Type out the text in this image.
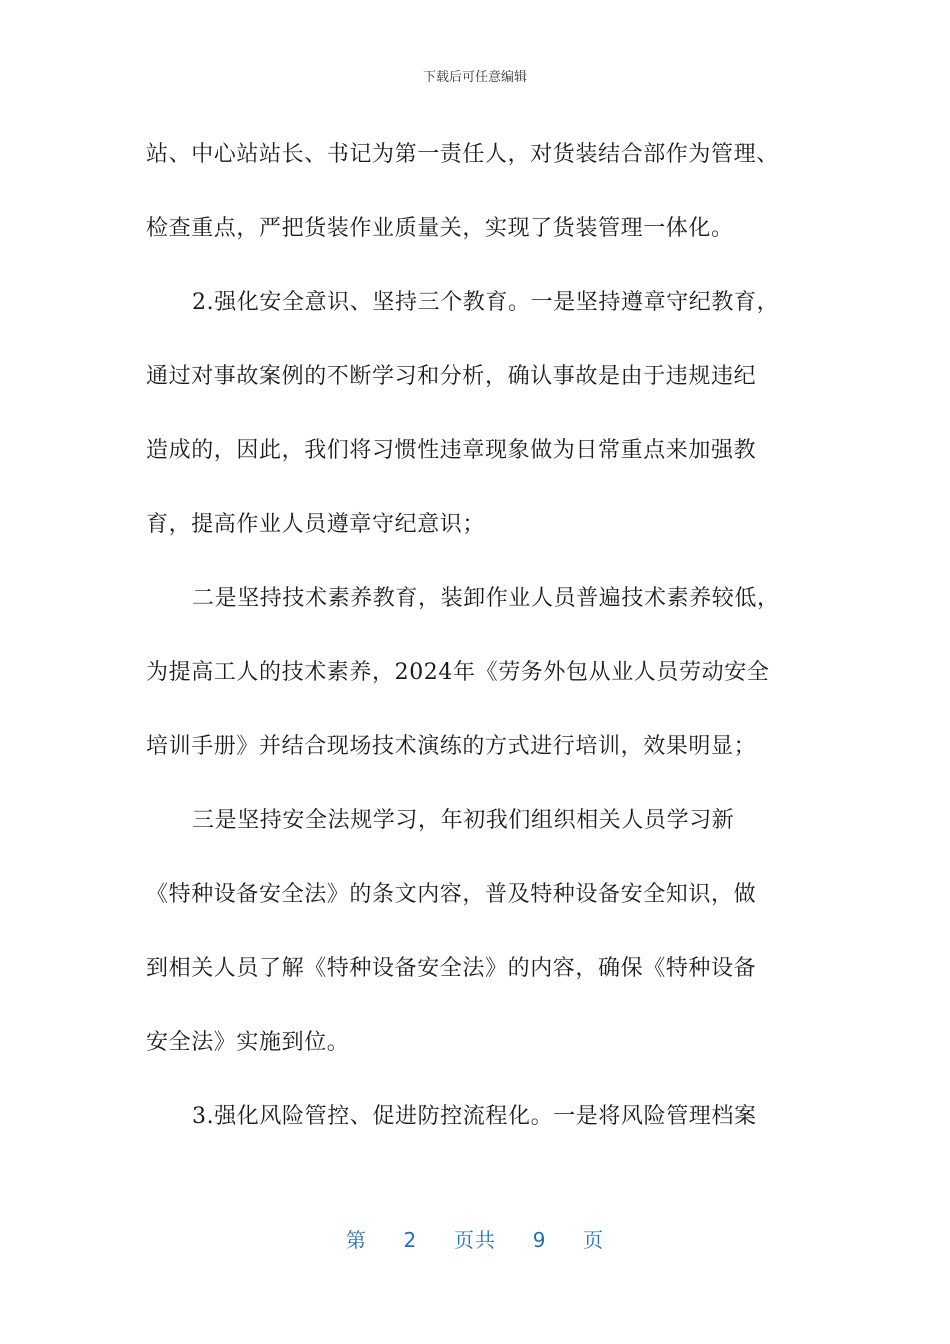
下载后可任意编辑

站、中心站站长、书记为第一责任人，对货装结合部作为管理、

检查重点，严把货装作业质量关，实现了货装管理一体化。

2.强化安全意识、坚持三个教育。一是坚持遵章守纪教育，

通过对事故案例的不断学习和分析，确认事故是由于违规违纪

造成的，因此，我们将习惯性违章现象做为日常重点来加强教

育，提高作业人员遵章守纪意识；

二是坚持技术素养教育，装卸作业人员普遍技术素养较低，

为提高工人的技术素养，2024年《劳务外包从业人员劳动安全

培训手册》并结合现场技术演练的方式进行培训，效果明显；

三是坚持安全法规学习，年初我们组织相关人员学习新

《特种设备安全法》的条文内容，普及特种设备安全知识，做

到相关人员了解《特种设备安全法》的内容，确保《特种设备

安全法》实施到位。

3.强化风险管控、促进防控流程化。一是将风险管理档案

第 2 页共 9 页
